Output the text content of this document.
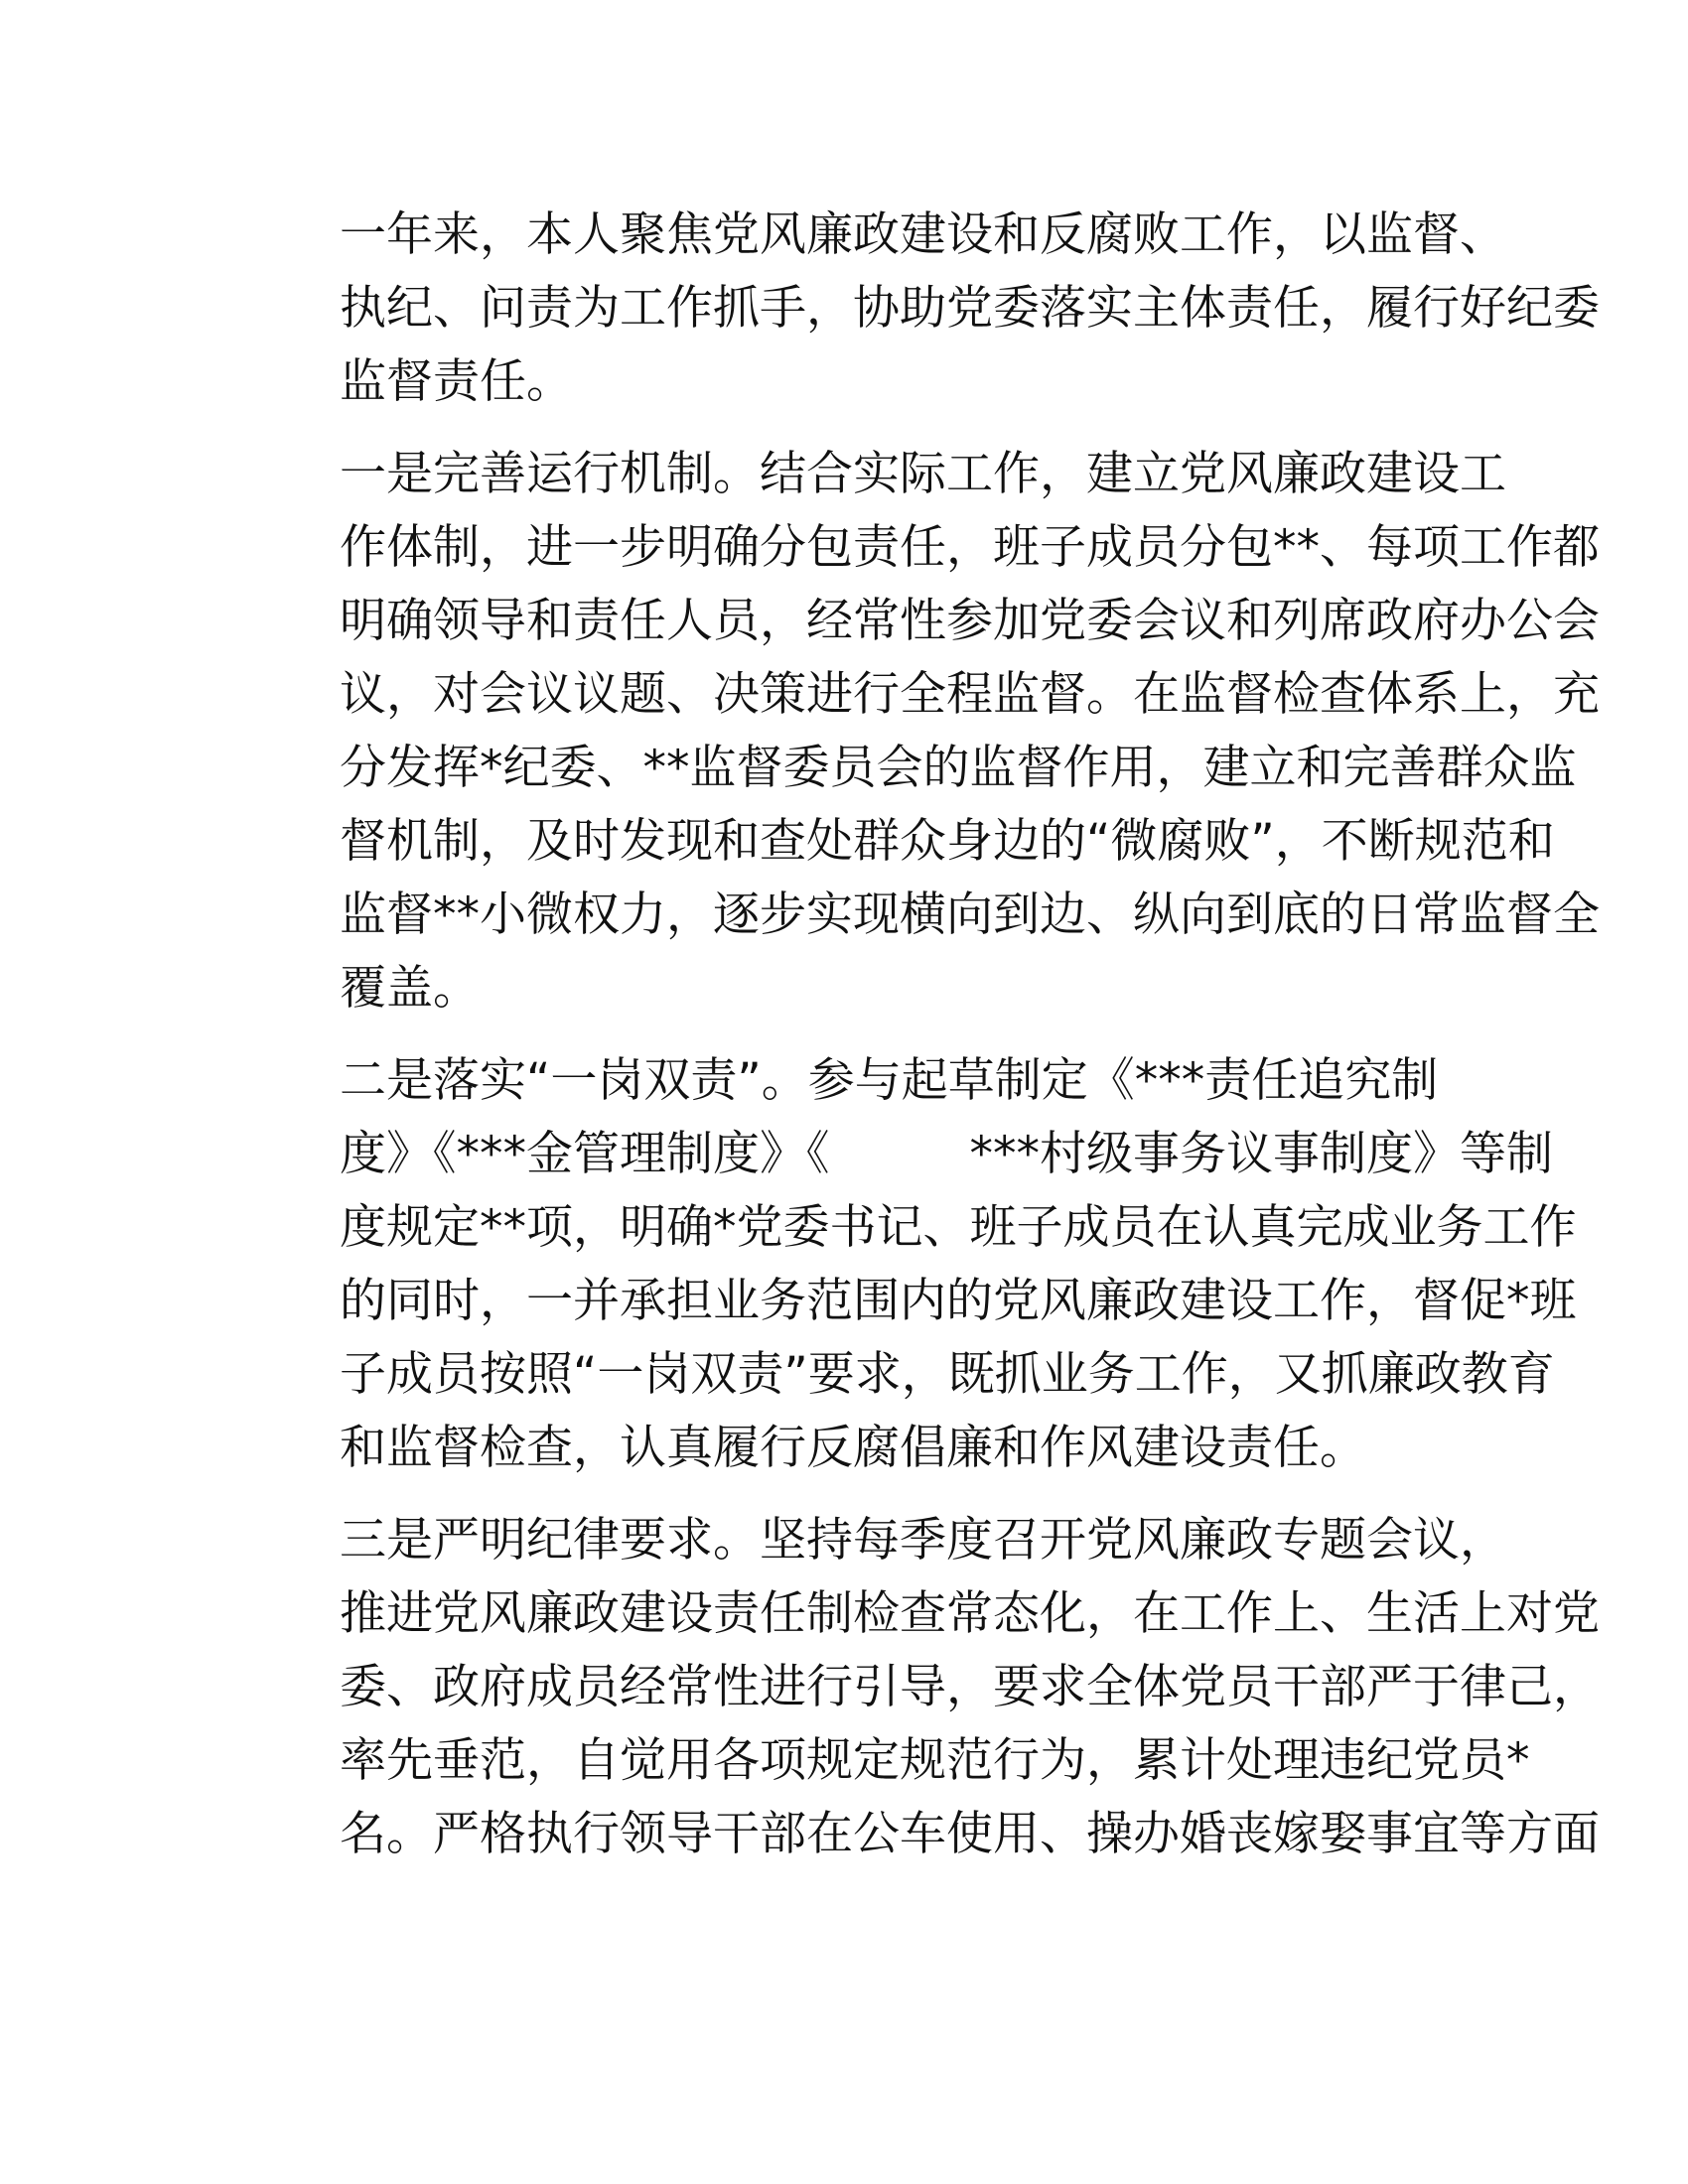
一年来，本人聚焦党风廉政建设和反腐败工作，以监督、
执纪、问责为工作抓手，协助党委落实主体责任，履行好纪委
监督责任。

一是完善运行机制。结合实际工作，建立党风廉政建设工
作体制，进一步明确分包责任，班子成员分包**、每项工作都
明确领导和责任人员，经常性参加党委会议和列席政府办公会
议，对会议议题、决策进行全程监督。在监督检查体系上，充
分发挥*纪委、**监督委员会的监督作用，建立和完善群众监
督机制，及时发现和查处群众身边的“微腐败”，不断规范和
监督**小微权力，逐步实现横向到边、纵向到底的日常监督全
覆盖。

二是落实“一岗双责”。参与起草制定《***责任追究制
度》《***金管理制度》《　　　***村级事务议事制度》等制
度规定**项，明确*党委书记、班子成员在认真完成业务工作
的同时，一并承担业务范围内的党风廉政建设工作，督促*班
子成员按照“一岗双责”要求，既抓业务工作，又抓廉政教育
和监督检查，认真履行反腐倡廉和作风建设责任。

三是严明纪律要求。坚持每季度召开党风廉政专题会议，
推进党风廉政建设责任制检查常态化，在工作上、生活上对党
委、政府成员经常性进行引导，要求全体党员干部严于律己，
率先垂范，自觉用各项规定规范行为，累计处理违纪党员*
名。严格执行领导干部在公车使用、操办婚丧嫁娶事宜等方面
